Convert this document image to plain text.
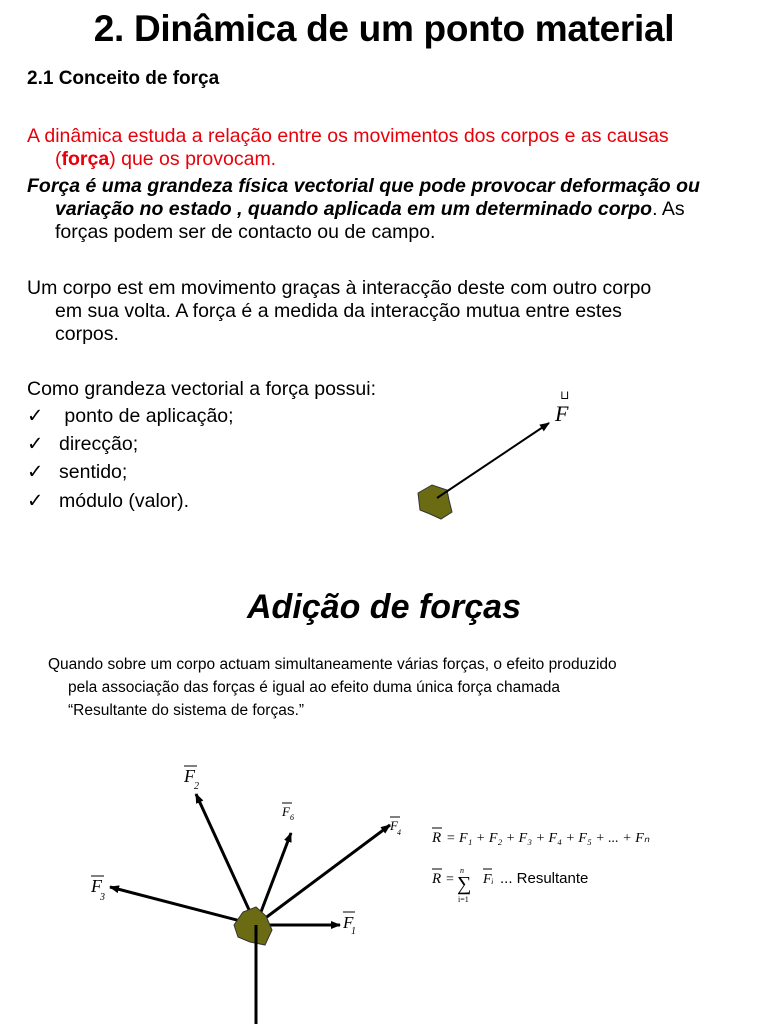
2. Dinâmica de um ponto material
2.1 Conceito de força
A dinâmica estuda a relação entre os movimentos dos corpos e as causas
(força) que os provocam.
Força é uma grandeza física vectorial que pode provocar deformação ou
variação no estado , quando aplicada em um determinado corpo. As
forças podem ser de contacto ou de campo.
Um corpo est em movimento graças à interacção deste com outro corpo
em sua volta. A força é a medida da interacção mutua entre estes
corpos.
Como grandeza vectorial a força possui:
✓ ponto de aplicação;
✓ direcção;
✓ sentido;
✓ módulo (valor).
Adição de forças
Quando sobre um corpo actuam simultaneamente várias forças, o efeito produzido
pela associação das forças é igual ao efeito duma única força chamada
“Resultante do sistema de forças.”
⊔
F
F
2
F 6
F 4
F
3
F
1
R = F₁ + F₂ + F₃ + F₄ + F₅ + ... + Fₙ
R =
n
∑
i=1
Fᵢ ... Resultante
